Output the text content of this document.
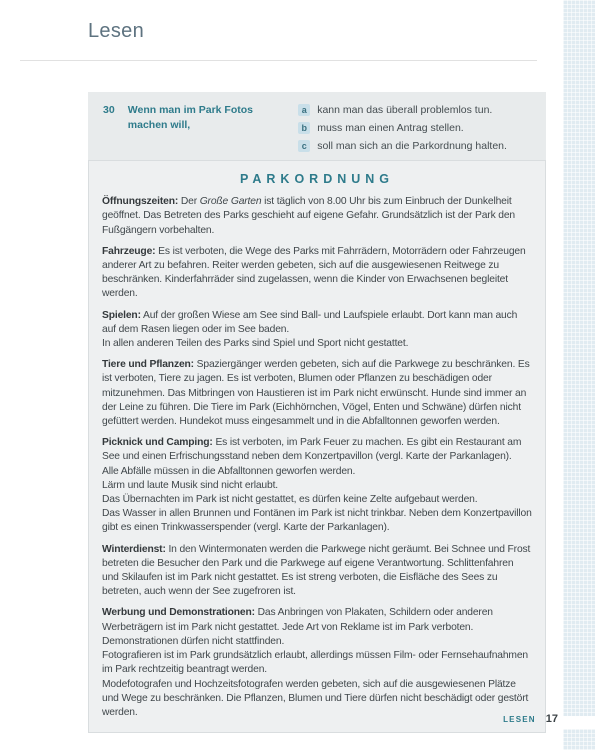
Lesen
30	Wenn man im Park Fotos machen will,
a	kann man das überall problemlos tun.
b muss man einen Antrag stellen.
c	soll man sich an die Parkordnung halten.
PARKORDNUNG

Öffnungszeiten: Der Große Garten ist täglich von 8.00 Uhr bis zum Einbruch der Dunkelheit geöffnet. Das Betreten des Parks geschieht auf eigene Gefahr. Grundsätzlich ist der Park den Fußgängern vorbehalten.

Fahrzeuge: Es ist verboten, die Wege des Parks mit Fahrrädern, Motorrädern oder Fahrzeugen anderer Art zu befahren. Reiter werden gebeten, sich auf die ausgewiesenen Reitwege zu beschränken. Kinderfahrräder sind zugelassen, wenn die Kinder von Erwachsenen begleitet werden.

Spielen: Auf der großen Wiese am See sind Ball- und Laufspiele erlaubt. Dort kann man auch auf dem Rasen liegen oder im See baden.
In allen anderen Teilen des Parks sind Spiel und Sport nicht gestattet.

Tiere und Pflanzen: Spaziergänger werden gebeten, sich auf die Parkwege zu beschränken. Es ist verboten, Tiere zu jagen. Es ist verboten, Blumen oder Pflanzen zu beschädigen oder mitzunehmen. Das Mitbringen von Haustieren ist im Park nicht erwünscht. Hunde sind immer an der Leine zu führen. Die Tiere im Park (Eichhörnchen, Vögel, Enten und Schwäne) dürfen nicht gefüttert werden. Hundekot muss eingesammelt und in die Abfalltonnen geworfen werden.

Picknick und Camping: Es ist verboten, im Park Feuer zu machen. Es gibt ein Restaurant am See und einen Erfrischungsstand neben dem Konzertpavillon (vergl. Karte der Parkanlagen).
Alle Abfälle müssen in die Abfalltonnen geworfen werden.
Lärm und laute Musik sind nicht erlaubt.
Das Übernachten im Park ist nicht gestattet, es dürfen keine Zelte aufgebaut werden.
Das Wasser in allen Brunnen und Fontänen im Park ist nicht trinkbar. Neben dem Konzertpavillon gibt es einen Trinkwasserspender (vergl. Karte der Parkanlagen).

Winterdienst: In den Wintermonaten werden die Parkwege nicht geräumt. Bei Schnee und Frost betreten die Besucher den Park und die Parkwege auf eigene Verantwortung. Schlittenfahren und Skilaufen ist im Park nicht gestattet. Es ist streng verboten, die Eisfläche des Sees zu betreten, auch wenn der See zugefroren ist.

Werbung und Demonstrationen: Das Anbringen von Plakaten, Schildern oder anderen Werbeträgern ist im Park nicht gestattet. Jede Art von Reklame ist im Park verboten. Demonstrationen dürfen nicht stattfinden.
Fotografieren ist im Park grundsätzlich erlaubt, allerdings müssen Film- oder Fernsehaufnahmen im Park rechtzeitig beantragt werden.
Modefotografen und Hochzeitsfotografen werden gebeten, sich auf die ausgewiesenen Plätze und Wege zu beschränken. Die Pflanzen, Blumen und Tiere dürfen nicht beschädigt oder gestört werden.

LESEN 17
